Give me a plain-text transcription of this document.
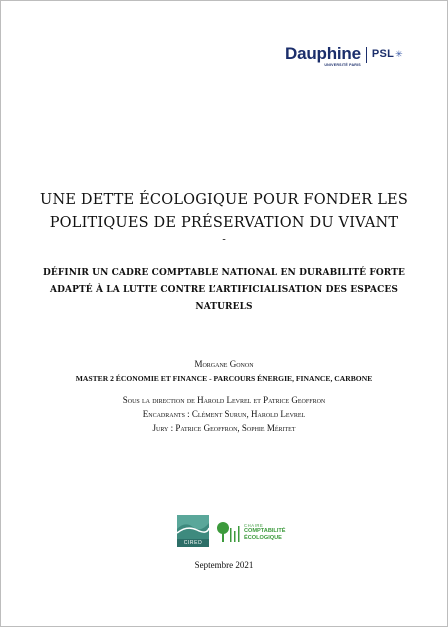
Dauphine
UNIVERSITÉ PARIS
PSL ✳
UNE DETTE ÉCOLOGIQUE POUR FONDER LES
POLITIQUES DE PRÉSERVATION DU VIVANT
-
DÉFINIR UN CADRE COMPTABLE NATIONAL EN DURABILITÉ FORTE
ADAPTÉ À LA LUTTE CONTRE L’ARTIFICIALISATION DES ESPACES
NATURELS
Morgane Gonon
MASTER 2 ÉCONOMIE ET FINANCE - PARCOURS ÉNERGIE, FINANCE, CARBONE
Sous la direction de Harold Levrel et Patrice Geoffron
Encadrants : Clément Surun, Harold Levrel
Jury : Patrice Geoffron, Sophie Méritet
CIRED
CHAIRE
COMPTABILITÉ
ÉCOLOGIQUE
Septembre 2021
